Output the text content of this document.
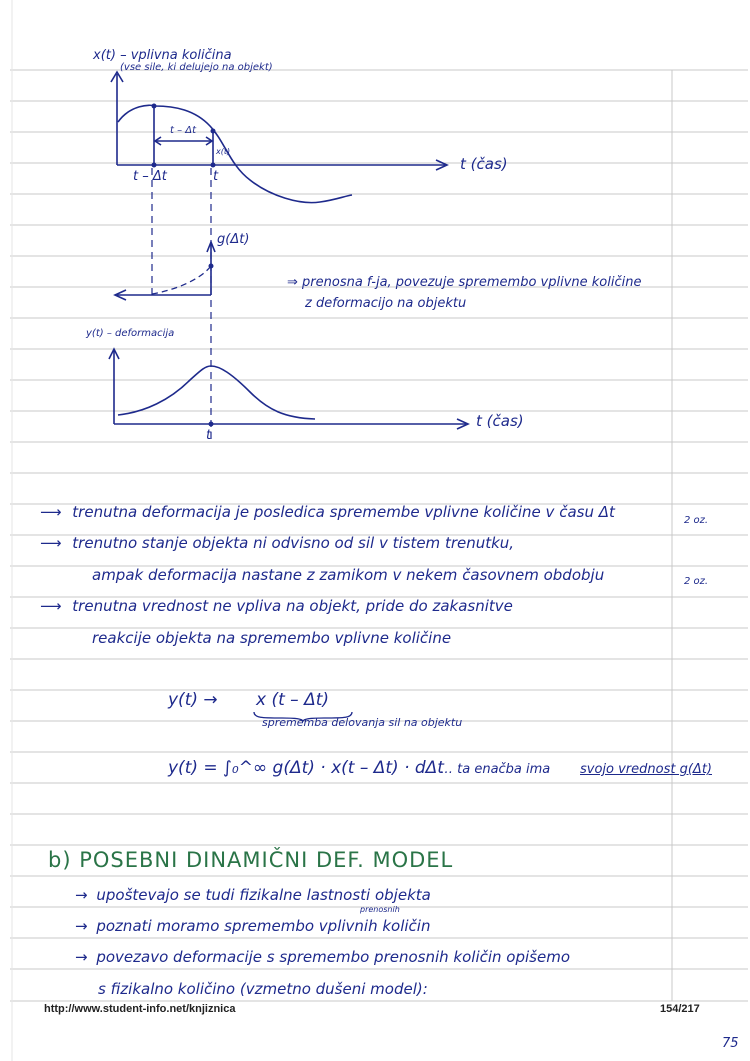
x(t) – vplivna količina
(vse sile, ki delujejo na objekt)
t – Δt
x(t)
t – Δt	t
t (čas)
g(Δt)
⇒ prenosna f-ja, povezuje spremembo vplivne količine
z deformacijo na objektu
y(t) – deformacija
t
t (čas)
⟶ trenutna deformacija je posledica spremembe vplivne količine v času Δt
⟶ trenutno stanje objekta ni odvisno od sil v tistem trenutku,
ampak deformacija nastane z zamikom v nekem časovnem obdobju
⟶ trenutna vrednost ne vpliva na objekt, pride do zakasnitve
reakcije objekta na spremembo vplivne količine
2 oz.
2 oz.
y(t) → x (t – Δt)
sprememba delovanja sil na objektu
y(t) = ∫₀^∞ g(Δt) · x(t – Δt) · dΔt
… ta enačba ima svojo vrednost g(Δt)
b) POSEBNI DINAMIČNI DEF. MODEL
→ upoštevajo se tudi fizikalne lastnosti objekta
→ poznati moramo spremembo vplivnih količin
prenosnih
→ povezavo deformacije s spremembo prenosnih količin opišemo
s fizikalno količino (vzmetno dušeni model):
http://www.student-info.net/knjiznica	154/217
75
